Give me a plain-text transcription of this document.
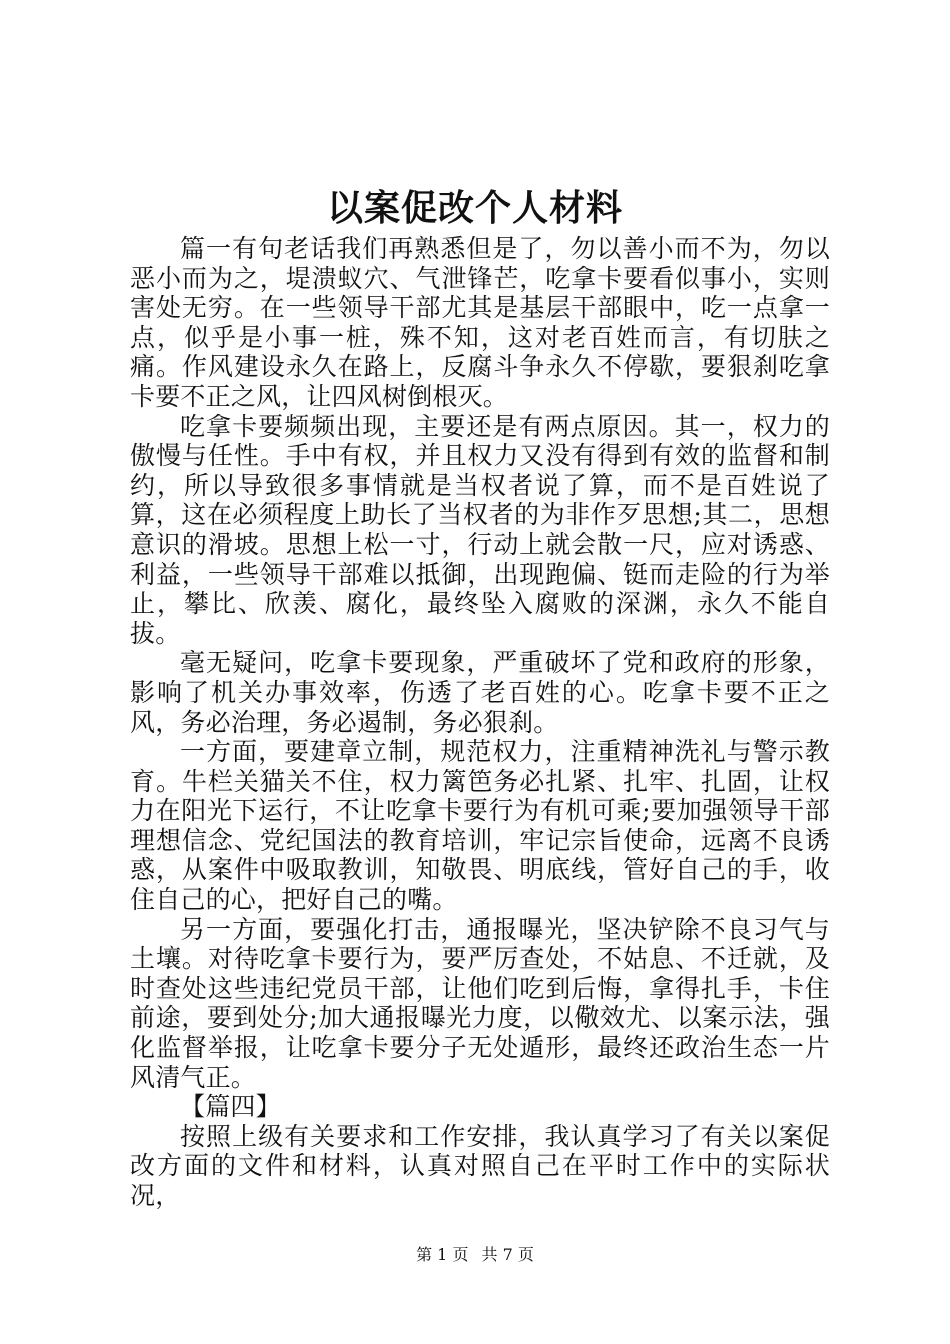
以案促改个人材料

篇一有句老话我们再熟悉但是了，勿以善小而不为，勿以恶小而为之，堤溃蚁穴、气泄锋芒，吃拿卡要看似事小，实则害处无穷。在一些领导干部尤其是基层干部眼中，吃一点拿一点，似乎是小事一桩，殊不知，这对老百姓而言，有切肤之痛。作风建设永久在路上，反腐斗争永久不停歇，要狠刹吃拿卡要不正之风，让四风树倒根灭。

吃拿卡要频频出现，主要还是有两点原因。其一，权力的傲慢与任性。手中有权，并且权力又没有得到有效的监督和制约，所以导致很多事情就是当权者说了算，而不是百姓说了算，这在必须程度上助长了当权者的为非作歹思想;其二，思想意识的滑坡。思想上松一寸，行动上就会散一尺，应对诱惑、利益，一些领导干部难以抵御，出现跑偏、铤而走险的行为举止，攀比、欣羡、腐化，最终坠入腐败的深渊，永久不能自拔。

毫无疑问，吃拿卡要现象，严重破坏了党和政府的形象，影响了机关办事效率，伤透了老百姓的心。吃拿卡要不正之风，务必治理，务必遏制，务必狠刹。

一方面，要建章立制，规范权力，注重精神洗礼与警示教育。牛栏关猫关不住，权力篱笆务必扎紧、扎牢、扎固，让权力在阳光下运行，不让吃拿卡要行为有机可乘;要加强领导干部理想信念、党纪国法的教育培训，牢记宗旨使命，远离不良诱惑，从案件中吸取教训，知敬畏、明底线，管好自己的手，收住自己的心，把好自己的嘴。

另一方面，要强化打击，通报曝光，坚决铲除不良习气与土壤。对待吃拿卡要行为，要严厉查处，不姑息、不迁就，及时查处这些违纪党员干部，让他们吃到后悔，拿得扎手，卡住前途，要到处分;加大通报曝光力度，以儆效尤、以案示法，强化监督举报，让吃拿卡要分子无处遁形，最终还政治生态一片风清气正。

【篇四】

按照上级有关要求和工作安排，我认真学习了有关以案促改方面的文件和材料，认真对照自己在平时工作中的实际状况，

第 1 页 共 7 页
